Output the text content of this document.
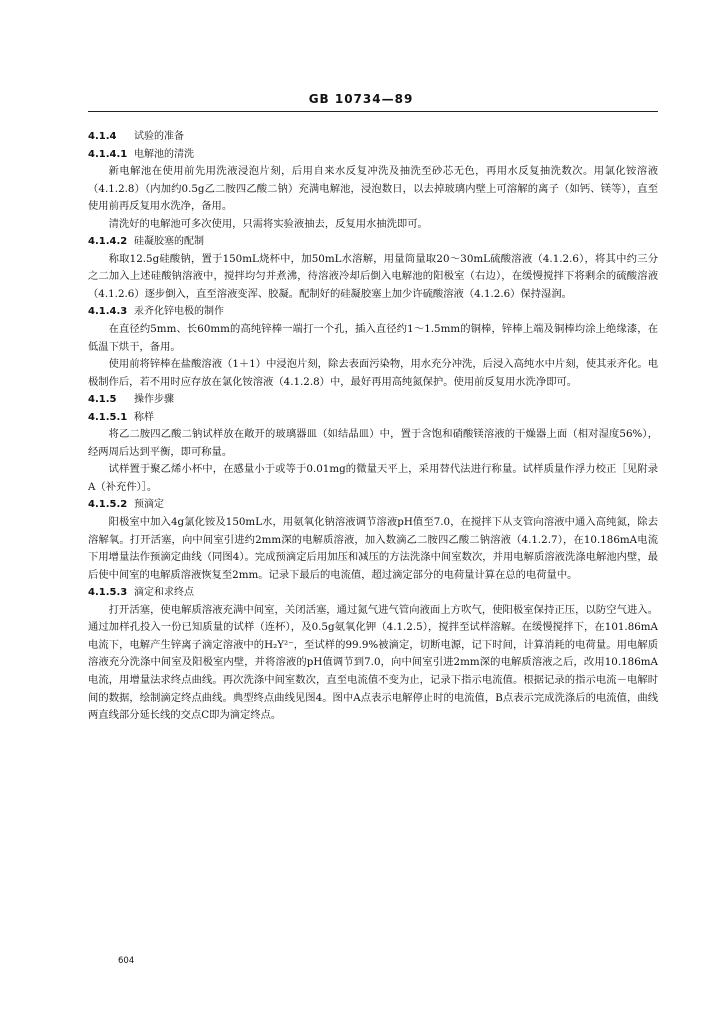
GB 10734—89

4.1.4 试验的准备

4.1.4.1 电解池的清洗

新电解池在使用前先用洗液浸泡片刻，后用自来水反复冲洗及抽洗至砂芯无色，再用水反复抽洗数次。用氯化铵溶液（4.1.2.8）（内加约0.5g乙二胺四乙酸二钠）充满电解池，浸泡数日，以去掉玻璃内壁上可溶解的离子（如钙、镁等），直至使用前再反复用水洗净，备用。

清洗好的电解池可多次使用，只需将实验液抽去，反复用水抽洗即可。

4.1.4.2 硅凝胶塞的配制

称取12.5g硅酸钠，置于150mL烧杯中，加50mL水溶解，用量筒量取20～30mL硫酸溶液（4.1.2.6），将其中约三分之二加入上述硅酸钠溶液中，搅拌均匀并煮沸，待溶液冷却后倒入电解池的阳极室（右边），在缓慢搅拌下将剩余的硫酸溶液（4.1.2.6）逐步倒入，直至溶液变浑、胶凝。配制好的硅凝胶塞上加少许硫酸溶液（4.1.2.6）保持湿润。

4.1.4.3 汞齐化锌电极的制作

在直径约5mm、长60mm的高纯锌棒一端打一个孔，插入直径约1～1.5mm的铜棒，锌棒上端及铜棒均涂上绝缘漆，在低温下烘干，备用。

使用前将锌棒在盐酸溶液（1＋1）中浸泡片刻，除去表面污染物，用水充分冲洗，后浸入高纯水中片刻，使其汞齐化。电极制作后，若不用时应存放在氯化铵溶液（4.1.2.8）中，最好再用高纯氮保护。使用前反复用水洗净即可。

4.1.5 操作步骤

4.1.5.1 称样

将乙二胺四乙酸二钠试样放在敞开的玻璃器皿（如结晶皿）中，置于含饱和硝酸镁溶液的干燥器上面（相对湿度56%），经两周后达到平衡，即可称量。

试样置于聚乙烯小杯中，在感量小于或等于0.01mg的微量天平上，采用替代法进行称量。试样质量作浮力校正［见附录A（补充件）］。

4.1.5.2 预滴定

阳极室中加入4g氯化铵及150mL水，用氨氧化钠溶液调节溶液pH值至7.0，在搅拌下从支管向溶液中通入高纯氮，除去溶解氧。打开活塞，向中间室引进约2mm深的电解质溶液，加入数滴乙二胺四乙酸二钠溶液（4.1.2.7），在10.186mA电流下用增量法作预滴定曲线（同图4）。完成预滴定后用加压和减压的方法洗涤中间室数次，并用电解质溶液洗涤电解池内壁，最后使中间室的电解质溶液恢复至2mm。记录下最后的电流值，超过滴定部分的电荷量计算在总的电荷量中。

4.1.5.3 滴定和求终点

打开活塞，使电解质溶液充满中间室，关闭活塞，通过氮气进气管向液面上方吹气，使阳极室保持正压，以防空气进入。通过加样孔投入一份已知质量的试样（连杯），及0.5g氨氧化钾（4.1.2.5），搅拌至试样溶解。在缓慢搅拌下，在101.86mA电流下，电解产生锌离子滴定溶液中的H₂Y²⁻，至试样的99.9%被滴定，切断电源，记下时间，计算消耗的电荷量。用电解质溶液充分洗涤中间室及阳极室内壁，并将溶液的pH值调节到7.0，向中间室引进2mm深的电解质溶液之后，改用10.186mA电流，用增量法求终点曲线。再次洗涤中间室数次，直至电流值不变为止，记录下指示电流值。根据记录的指示电流－电解时间的数据，绘制滴定终点曲线。典型终点曲线见图4。图中A点表示电解停止时的电流值，B点表示完成洗涤后的电流值，曲线两直线部分延长线的交点C即为滴定终点。

604
